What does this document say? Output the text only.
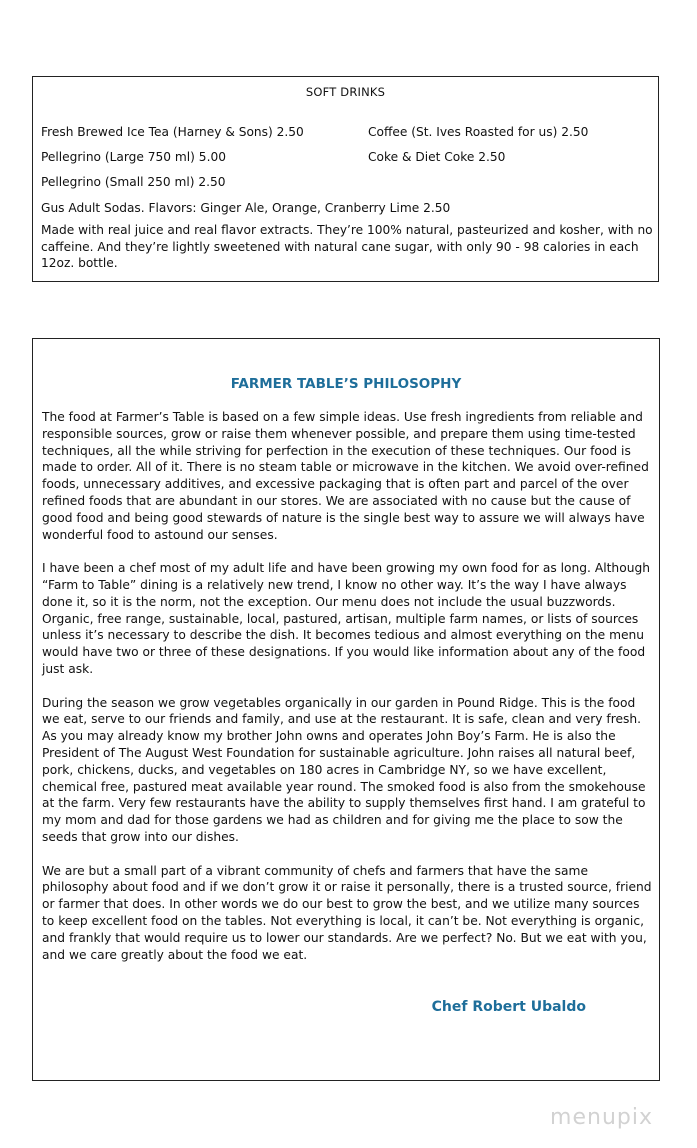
SOFT DRINKS
Fresh Brewed Ice Tea (Harney & Sons) 2.50	Coffee (St. Ives Roasted for us) 2.50
Pellegrino (Large 750 ml) 5.00	Coke & Diet Coke 2.50
Pellegrino (Small 250 ml) 2.50
Gus Adult Sodas. Flavors: Ginger Ale, Orange, Cranberry Lime 2.50
Made with real juice and real flavor extracts. They’re 100% natural, pasteurized and kosher, with no caffeine. And they’re lightly sweetened with natural cane sugar, with only 90 - 98 calories in each 12oz. bottle.
FARMER TABLE’S PHILOSOPHY

The food at Farmer’s Table is based on a few simple ideas. Use fresh ingredients from reliable and responsible sources, grow or raise them whenever possible, and prepare them using time-tested techniques, all the while striving for perfection in the execution of these techniques. Our food is made to order. All of it. There is no steam table or microwave in the kitchen. We avoid over-refined foods, unnecessary additives, and excessive packaging that is often part and parcel of the over refined foods that are abundant in our stores. We are associated with no cause but the cause of good food and being good stewards of nature is the single best way to assure we will always have wonderful food to astound our senses.

I have been a chef most of my adult life and have been growing my own food for as long. Although “Farm to Table” dining is a relatively new trend, I know no other way. It’s the way I have always done it, so it is the norm, not the exception. Our menu does not include the usual buzzwords. Organic, free range, sustainable, local, pastured, artisan, multiple farm names, or lists of sources unless it’s necessary to describe the dish. It becomes tedious and almost everything on the menu would have two or three of these designations. If you would like information about any of the food just ask.

During the season we grow vegetables organically in our garden in Pound Ridge. This is the food we eat, serve to our friends and family, and use at the restaurant. It is safe, clean and very fresh. As you may already know my brother John owns and operates John Boy’s Farm. He is also the President of The August West Foundation for sustainable agriculture. John raises all natural beef, pork, chickens, ducks, and vegetables on 180 acres in Cambridge NY, so we have excellent, chemical free, pastured meat available year round. The smoked food is also from the smokehouse at the farm. Very few restaurants have the ability to supply themselves first hand. I am grateful to my mom and dad for those gardens we had as children and for giving me the place to sow the seeds that grow into our dishes.

We are but a small part of a vibrant community of chefs and farmers that have the same philosophy about food and if we don’t grow it or raise it personally, there is a trusted source, friend or farmer that does. In other words we do our best to grow the best, and we utilize many sources to keep excellent food on the tables. Not everything is local, it can’t be. Not everything is organic, and frankly that would require us to lower our standards. Are we perfect? No. But we eat with you, and we care greatly about the food we eat.

Chef Robert Ubaldo
menupix
